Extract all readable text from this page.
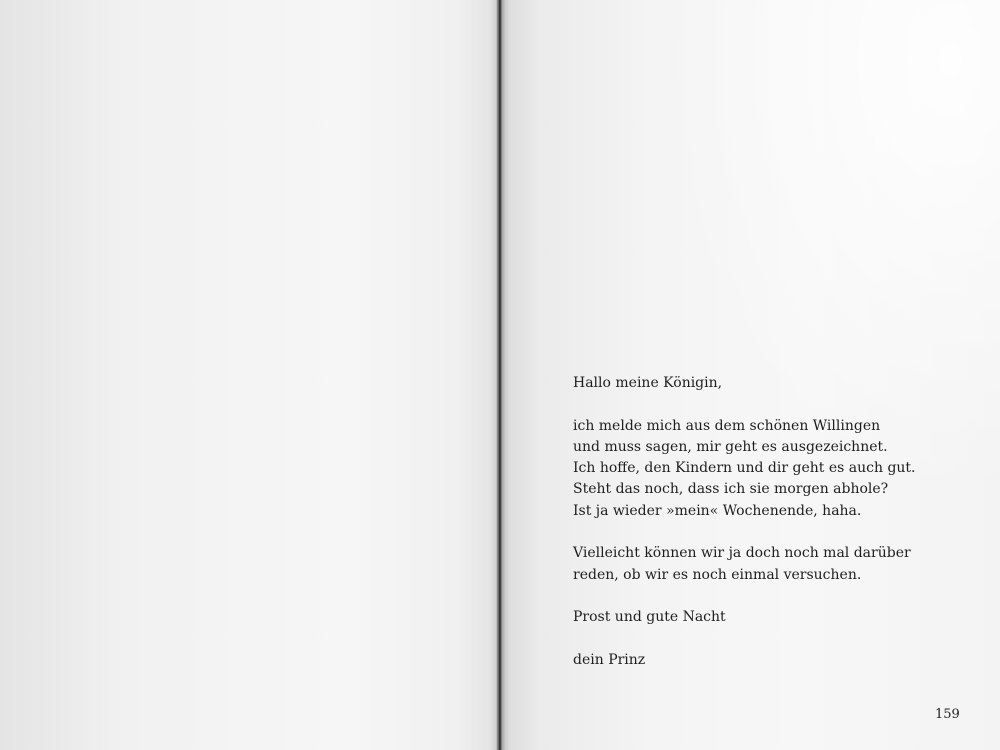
Hallo meine Königin,

ich melde mich aus dem schönen Willingen

und muss sagen, mir geht es ausgezeichnet.

Ich hoffe, den Kindern und dir geht es auch gut.

Steht das noch, dass ich sie morgen abhole?

Ist ja wieder »mein« Wochenende, haha.

Vielleicht können wir ja doch noch mal darüber

reden, ob wir es noch einmal versuchen.

Prost und gute Nacht

dein Prinz

159
